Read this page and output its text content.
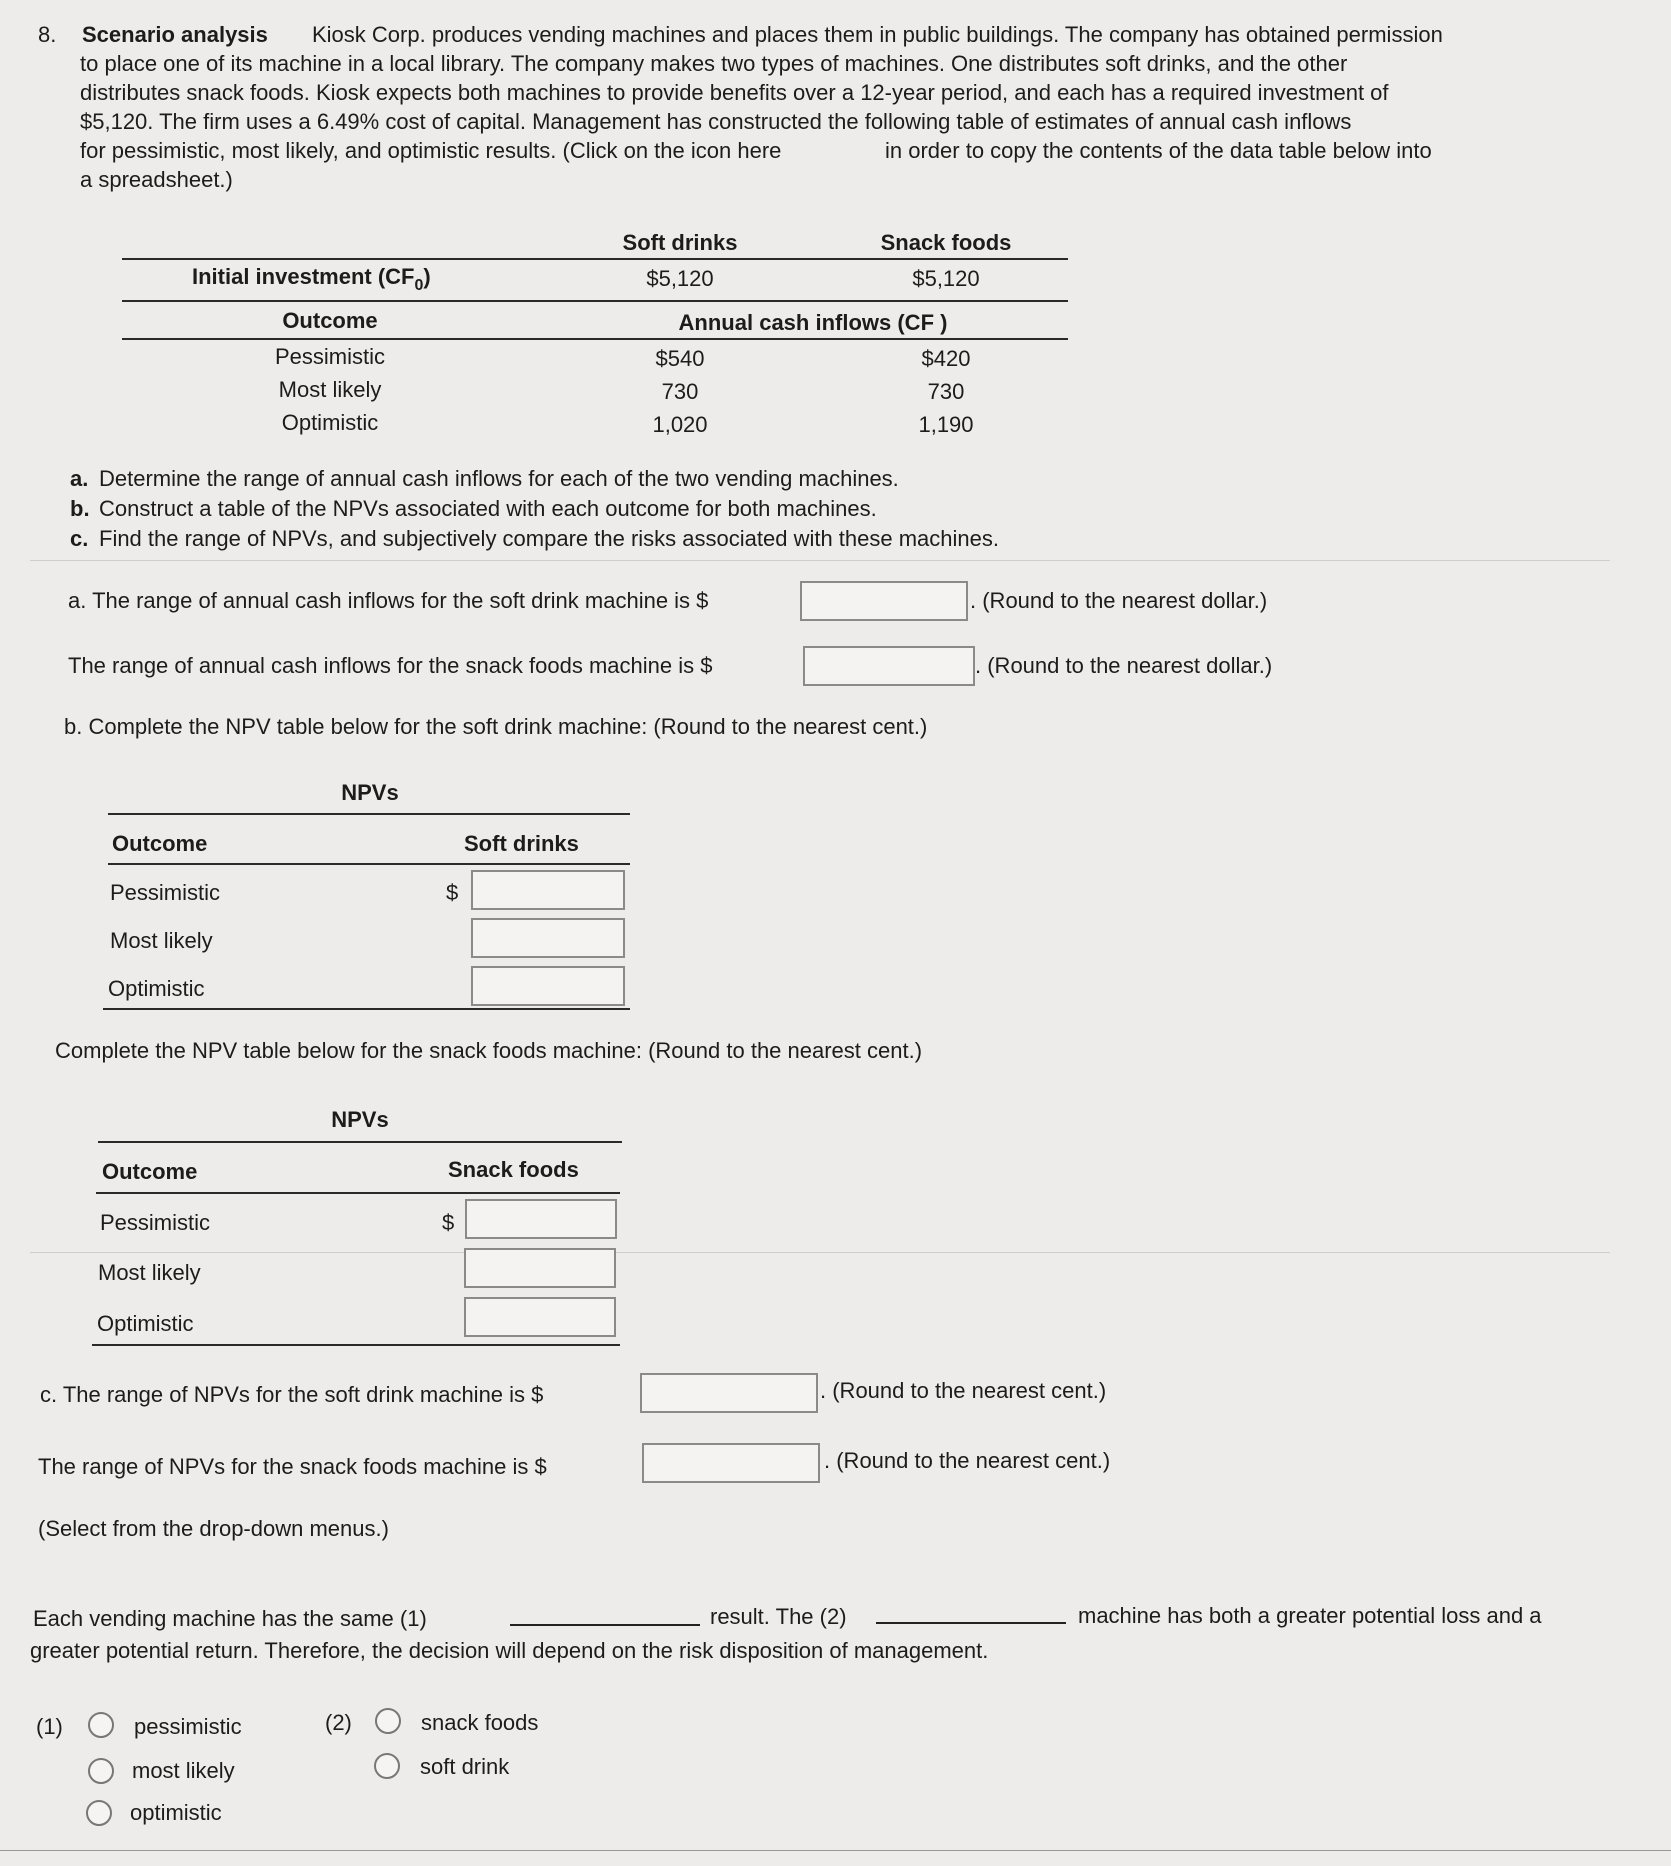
8. Scenario analysis Kiosk Corp. produces vending machines and places them in public buildings. The company has obtained permission
to place one of its machine in a local library. The company makes two types of machines. One distributes soft drinks, and the other
distributes snack foods. Kiosk expects both machines to provide benefits over a 12-year period, and each has a required investment of
$5,120. The firm uses a 6.49% cost of capital. Management has constructed the following table of estimates of annual cash inflows
for pessimistic, most likely, and optimistic results. (Click on the icon here	in order to copy the contents of the data table below into
a spreadsheet.)
Soft drinks	Snack foods
Initial investment $(CF_0)$	$5,120	$5,120
Outcome	Annual cash inflows (CF )
Pessimistic	$540	$420
Most likely	730	730
Optimistic	1,020	1,190
a. Determine the range of annual cash inflows for each of the two vending machines.
b. Construct a table of the NPVs associated with each outcome for both machines.
c. Find the range of NPVs, and subjectively compare the risks associated with these machines.
a. The range of annual cash inflows for the soft drink machine is $	. (Round to the nearest dollar.)
The range of annual cash inflows for the snack foods machine is $	. (Round to the nearest dollar.)
b. Complete the NPV table below for the soft drink machine: (Round to the nearest cent.)
NPVs
Outcome	Soft drinks
Pessimistic	$
Most likely
Optimistic
Complete the NPV table below for the snack foods machine: (Round to the nearest cent.)
NPVs
Outcome	Snack foods
Pessimistic	$
Most likely
Optimistic
c. The range of NPVs for the soft drink machine is $	. (Round to the nearest cent.)
The range of NPVs for the snack foods machine is $	. (Round to the nearest cent.)
(Select from the drop-down menus.)
Each vending machine has the same (1)	result. The (2)	machine has both a greater potential loss and a
greater potential return. Therefore, the decision will depend on the risk disposition of management.
(1)	pessimistic
most likely
optimistic
(2)	snack foods
soft drink
